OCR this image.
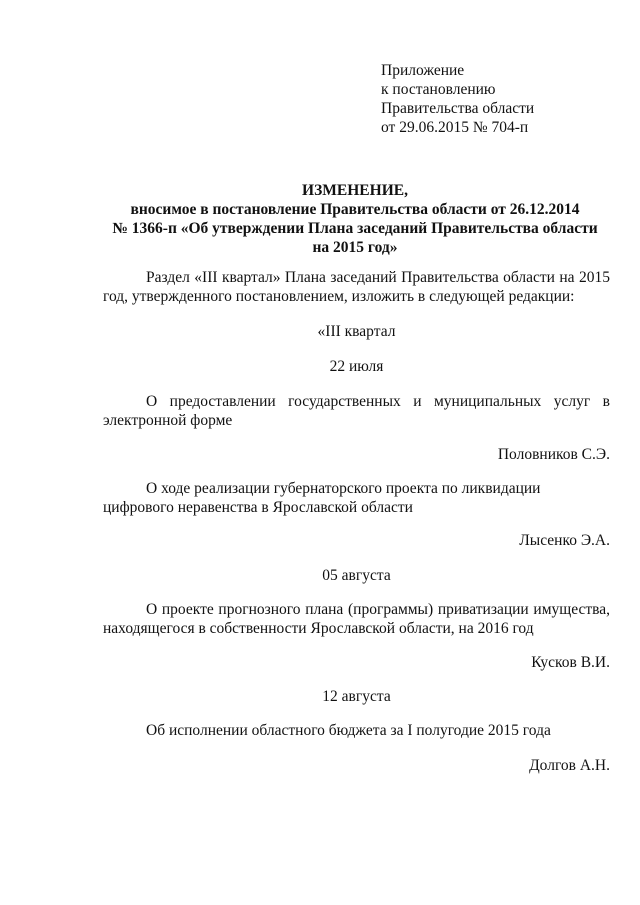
Приложение
к постановлению
Правительства области
от 29.06.2015 № 704-п
ИЗМЕНЕНИЕ,
вносимое в постановление Правительства области от 26.12.2014
№ 1366-п «Об утверждении Плана заседаний Правительства области
на 2015 год»
Раздел «III квартал» Плана заседаний Правительства области на 2015 год, утвержденного постановлением, изложить в следующей редакции:
«III квартал
22 июля
О предоставлении государственных и муниципальных услуг в электронной форме
Половников С.Э.
О ходе реализации губернаторского проекта по ликвидации цифрового неравенства в Ярославской области
Лысенко Э.А.
05 августа
О проекте прогнозного плана (программы) приватизации имущества, находящегося в собственности Ярославской области, на 2016 год
Кусков В.И.
12 августа
Об исполнении областного бюджета за I полугодие 2015 года
Долгов А.Н.
